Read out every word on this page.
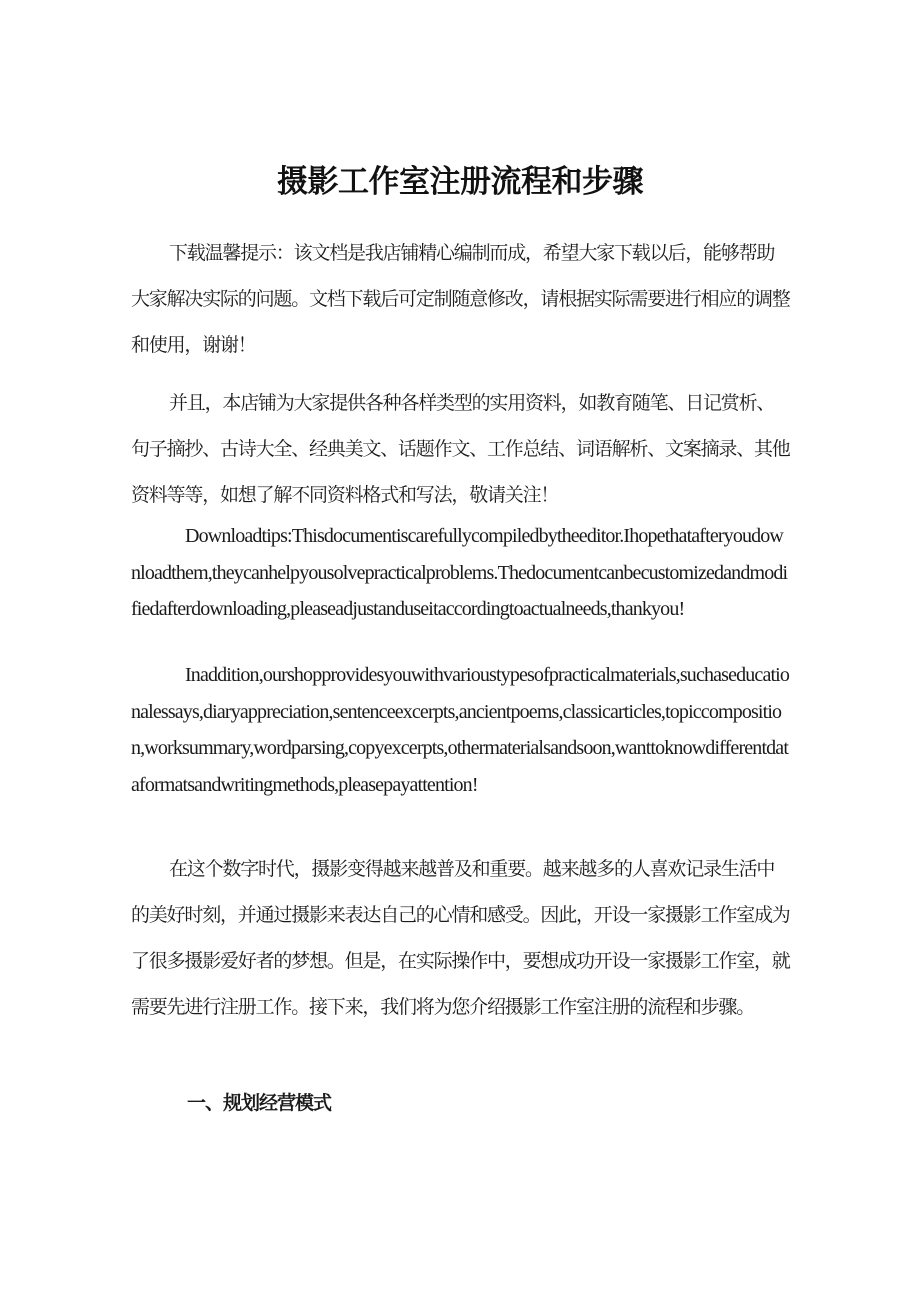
摄影工作室注册流程和步骤

下载温馨提示：该文档是我店铺精心编制而成，希望大家下载以后，能够帮助大家解决实际的问题。文档下载后可定制随意修改，请根据实际需要进行相应的调整和使用，谢谢！

并且，本店铺为大家提供各种各样类型的实用资料，如教育随笔、日记赏析、句子摘抄、古诗大全、经典美文、话题作文、工作总结、词语解析、文案摘录、其他资料等等，如想了解不同资料格式和写法，敬请关注！

Downloadtips:Thisdocumentiscarefullycompiledbytheeditor.Ihopethatafteryoudownloadthem,theycanhelpyousolvepracticalproblems.Thedocumentcanbecustomizedandmodifiedafterdownloading,pleaseadjustanduseitaccordingtoactualneeds,thankyou!

Inaddition,ourshopprovidesyouwithvarioustypesofpracticalmaterials,suchaseducationalessays,diaryappreciation,sentenceexcerpts,ancientpoems,classicarticles,topiccomposition,worksummary,wordparsing,copyexcerpts,othermaterialsandsoon,wanttoknowdifferentdataformatsandwritingmethods,pleasepayattention!

在这个数字时代，摄影变得越来越普及和重要。越来越多的人喜欢记录生活中的美好时刻，并通过摄影来表达自己的心情和感受。因此，开设一家摄影工作室成为了很多摄影爱好者的梦想。但是，在实际操作中，要想成功开设一家摄影工作室，就需要先进行注册工作。接下来，我们将为您介绍摄影工作室注册的流程和步骤。

一、规划经营模式
